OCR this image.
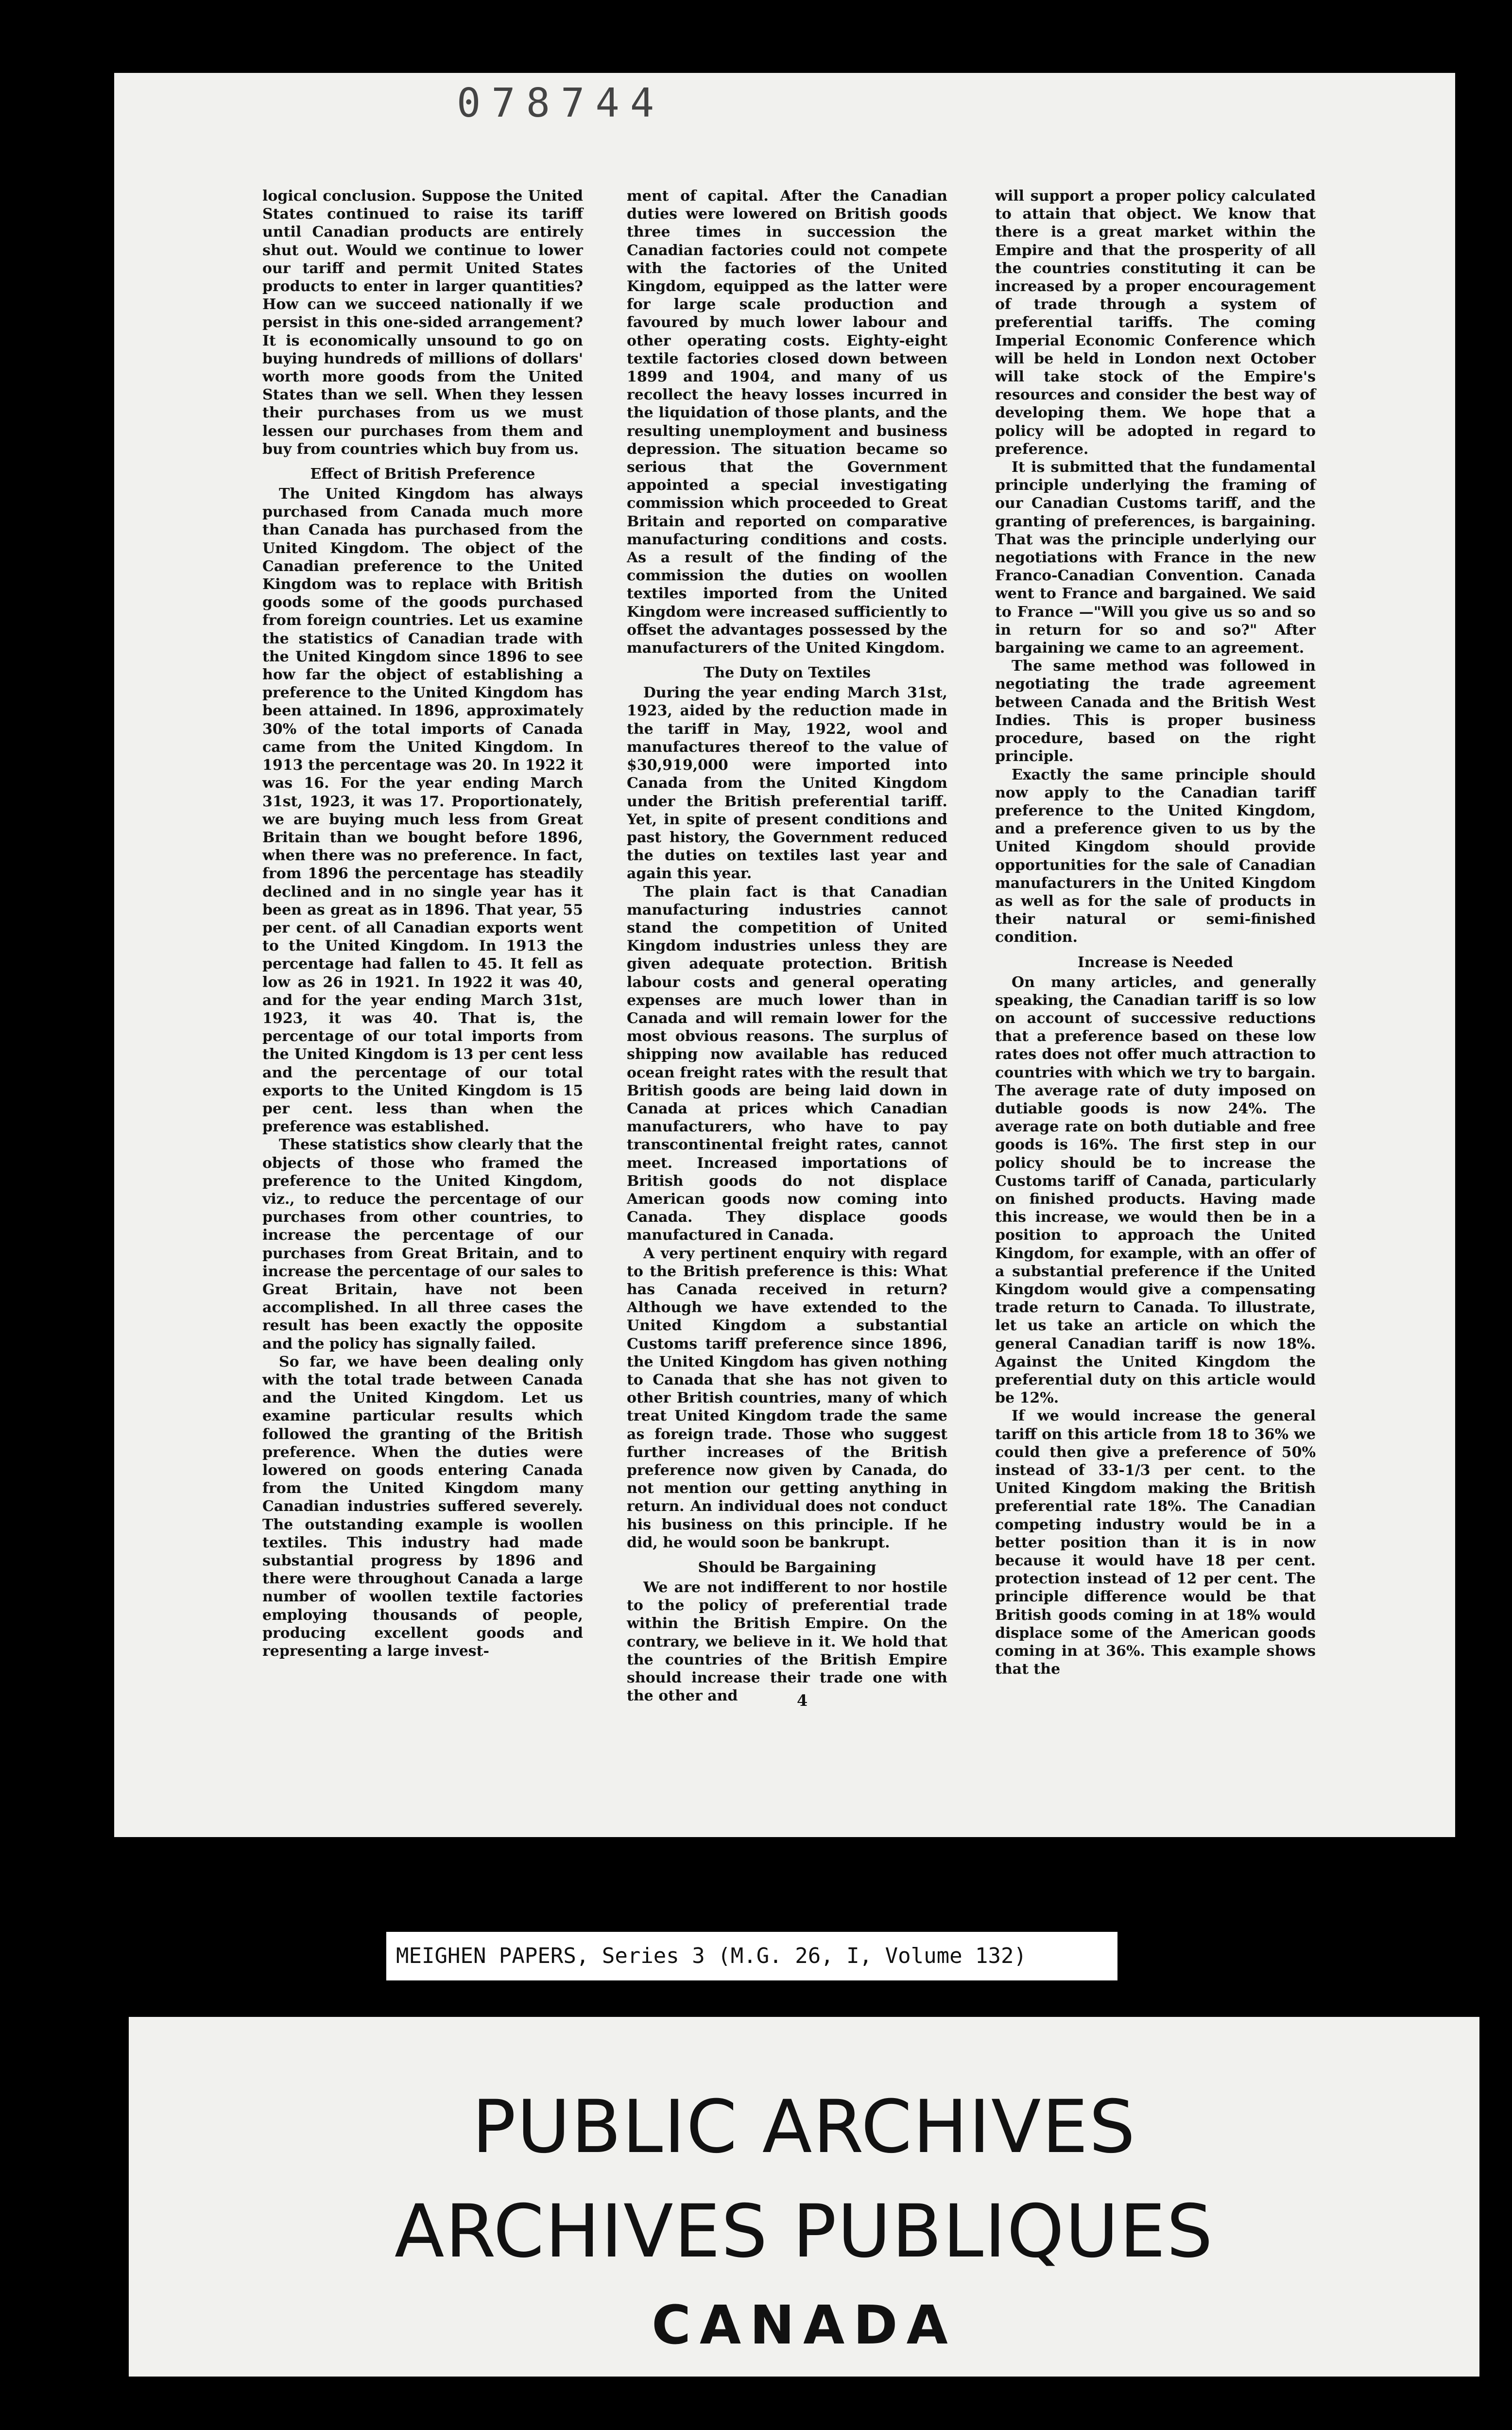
078744

logical conclusion. Suppose the United States continued to raise its tariff until Canadian products are entirely shut out. Would we continue to lower our tariff and permit United States products to enter in larger quantities? How can we succeed nationally if we persist in this one-sided arrangement? It is economically unsound to go on buying hundreds of millions of dollars' worth more goods from the United States than we sell. When they lessen their purchases from us we must lessen our purchases from them and buy from countries which buy from us.

Effect of British Preference

The United Kingdom has always purchased from Canada much more than Canada has purchased from the United Kingdom. The object of the Canadian preference to the United Kingdom was to replace with British goods some of the goods purchased from foreign countries. Let us examine the statistics of Canadian trade with the United Kingdom since 1896 to see how far the object of establishing a preference to the United Kingdom has been attained. In 1896, approximately 30% of the total imports of Canada came from the United Kingdom. In 1913 the percentage was 20. In 1922 it was 16. For the year ending March 31st, 1923, it was 17. Proportionately, we are buying much less from Great Britain than we bought before 1896, when there was no preference. In fact, from 1896 the percentage has steadily declined and in no single year has it been as great as in 1896. That year, 55 per cent. of all Canadian exports went to the United Kingdom. In 1913 the percentage had fallen to 45. It fell as low as 26 in 1921. In 1922 it was 40, and for the year ending March 31st, 1923, it was 40. That is, the percentage of our total imports from the United Kingdom is 13 per cent less and the percentage of our total exports to the United Kingdom is 15 per cent. less than when the preference was established.

These statistics show clearly that the objects of those who framed the preference to the United Kingdom, viz., to reduce the percentage of our purchases from other countries, to increase the percentage of our purchases from Great Britain, and to increase the percentage of our sales to Great Britain, have not been accomplished. In all three cases the result has been exactly the opposite and the policy has signally failed.

So far, we have been dealing only with the total trade between Canada and the United Kingdom. Let us examine particular results which followed the granting of the British preference. When the duties were lowered on goods entering Canada from the United Kingdom many Canadian industries suffered severely. The outstanding example is woollen textiles. This industry had made substantial progress by 1896 and there were throughout Canada a large number of woollen textile factories employing thousands of people, producing excellent goods and representing a large invest-

ment of capital. After the Canadian duties were lowered on British goods three times in succession the Canadian factories could not compete with the factories of the United Kingdom, equipped as the latter were for large scale production and favoured by much lower labour and other operating costs. Eighty-eight textile factories closed down between 1899 and 1904, and many of us recollect the heavy losses incurred in the liquidation of those plants, and the resulting unemployment and business depression. The situation became so serious that the Government appointed a special investigating commission which proceeded to Great Britain and reported on comparative manufacturing conditions and costs. As a result of the finding of the commission the duties on woollen textiles imported from the United Kingdom were increased sufficiently to offset the advantages possessed by the manufacturers of the United Kingdom.

The Duty on Textiles

During the year ending March 31st, 1923, aided by the reduction made in the tariff in May, 1922, wool and manufactures thereof to the value of $30,919,000 were imported into Canada from the United Kingdom under the British preferential tariff. Yet, in spite of present conditions and past history, the Government reduced the duties on textiles last year and again this year.

The plain fact is that Canadian manufacturing industries cannot stand the competition of United Kingdom industries unless they are given adequate protection. British labour costs and general operating expenses are much lower than in Canada and will remain lower for the most obvious reasons. The surplus of shipping now available has reduced ocean freight rates with the result that British goods are being laid down in Canada at prices which Canadian manufacturers, who have to pay transcontinental freight rates, cannot meet. Increased importations of British goods do not displace American goods now coming into Canada. They displace goods manufactured in Canada.

A very pertinent enquiry with regard to the British preference is this: What has Canada received in return? Although we have extended to the United Kingdom a substantial Customs tariff preference since 1896, the United Kingdom has given nothing to Canada that she has not given to other British countries, many of which treat United Kingdom trade the same as foreign trade. Those who suggest further increases of the British preference now given by Canada, do not mention our getting anything in return. An individual does not conduct his business on this principle. If he did, he would soon be bankrupt.

Should be Bargaining

We are not indifferent to nor hostile to the policy of preferential trade within the British Empire. On the contrary, we believe in it. We hold that the countries of the British Empire should increase their trade one with the other and

will support a proper policy calculated to attain that object. We know that there is a great market within the Empire and that the prosperity of all the countries constituting it can be increased by a proper encouragement of trade through a system of preferential tariffs. The coming Imperial Economic Conference which will be held in London next October will take stock of the Empire's resources and consider the best way of developing them. We hope that a policy will be adopted in regard to preference.

It is submitted that the fundamental principle underlying the framing of our Canadian Customs tariff, and the granting of preferences, is bargaining. That was the principle underlying our negotiations with France in the new Franco-Canadian Convention. Canada went to France and bargained. We said to France —"Will you give us so and so in return for so and so?" After bargaining we came to an agreement.

The same method was followed in negotiating the trade agreement between Canada and the British West Indies. This is proper business procedure, based on the right principle.

Exactly the same principle should now apply to the Canadian tariff preference to the United Kingdom, and a preference given to us by the United Kingdom should provide opportunities for the sale of Canadian manufacturers in the United Kingdom as well as for the sale of products in their natural or semi-finished condition.

Increase is Needed

On many articles, and generally speaking, the Canadian tariff is so low on account of successive reductions that a preference based on these low rates does not offer much attraction to countries with which we try to bargain. The average rate of duty imposed on dutiable goods is now 24%. The average rate on both dutiable and free goods is 16%. The first step in our policy should be to increase the Customs tariff of Canada, particularly on finished products. Having made this increase, we would then be in a position to approach the United Kingdom, for example, with an offer of a substantial preference if the United Kingdom would give a compensating trade return to Canada. To illustrate, let us take an article on which the general Canadian tariff is now 18%. Against the United Kingdom the preferential duty on this article would be 12%.

If we would increase the general tariff on this article from 18 to 36% we could then give a preference of 50% instead of 33-1/3 per cent. to the United Kingdom making the British preferential rate 18%. The Canadian competing industry would be in a better position than it is in now because it would have 18 per cent. protection instead of 12 per cent. The principle difference would be that British goods coming in at 18% would displace some of the American goods coming in at 36%. This example shows that the

4
MEIGHEN PAPERS, Series 3 (M.G. 26, I, Volume 132)
PUBLIC ARCHIVES
ARCHIVES PUBLIQUES
CANADA
